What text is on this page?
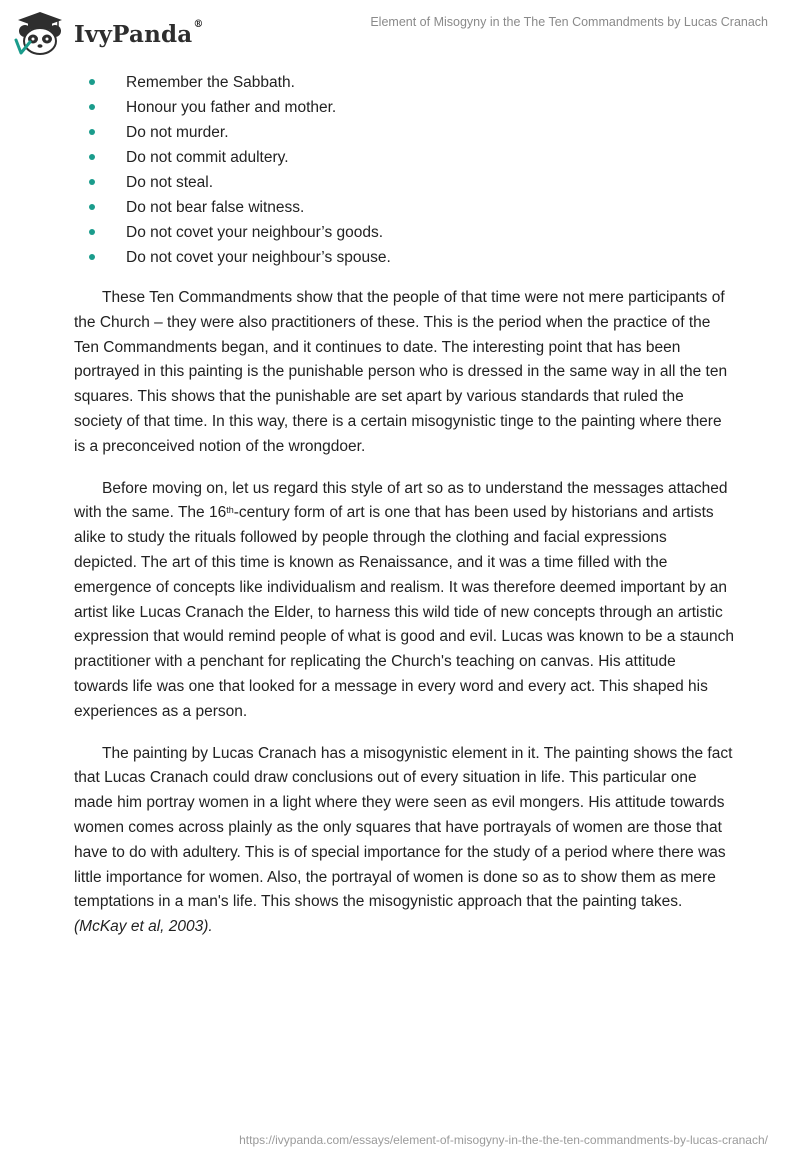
IvyPanda®	Element of Misogyny in the The Ten Commandments by Lucas Cranach
Remember the Sabbath.
Honour you father and mother.
Do not murder.
Do not commit adultery.
Do not steal.
Do not bear false witness.
Do not covet your neighbour’s goods.
Do not covet your neighbour’s spouse.

These Ten Commandments show that the people of that time were not mere participants of the Church – they were also practitioners of these. This is the period when the practice of the Ten Commandments began, and it continues to date. The interesting point that has been portrayed in this painting is the punishable person who is dressed in the same way in all the ten squares. This shows that the punishable are set apart by various standards that ruled the society of that time. In this way, there is a certain misogynistic tinge to the painting where there is a preconceived notion of the wrongdoer.

Before moving on, let us regard this style of art so as to understand the messages attached with the same. The 16th-century form of art is one that has been used by historians and artists alike to study the rituals followed by people through the clothing and facial expressions depicted. The art of this time is known as Renaissance, and it was a time filled with the emergence of concepts like individualism and realism. It was therefore deemed important by an artist like Lucas Cranach the Elder, to harness this wild tide of new concepts through an artistic expression that would remind people of what is good and evil. Lucas was known to be a staunch practitioner with a penchant for replicating the Church's teaching on canvas. His attitude towards life was one that looked for a message in every word and every act. This shaped his experiences as a person.

The painting by Lucas Cranach has a misogynistic element in it. The painting shows the fact that Lucas Cranach could draw conclusions out of every situation in life. This particular one made him portray women in a light where they were seen as evil mongers. His attitude towards women comes across plainly as the only squares that have portrayals of women are those that have to do with adultery. This is of special importance for the study of a period where there was little importance for women. Also, the portrayal of women is done so as to show them as mere temptations in a man's life. This shows the misogynistic approach that the painting takes. (McKay et al, 2003).

https://ivypanda.com/essays/element-of-misogyny-in-the-the-ten-commandments-by-lucas-cranach/
